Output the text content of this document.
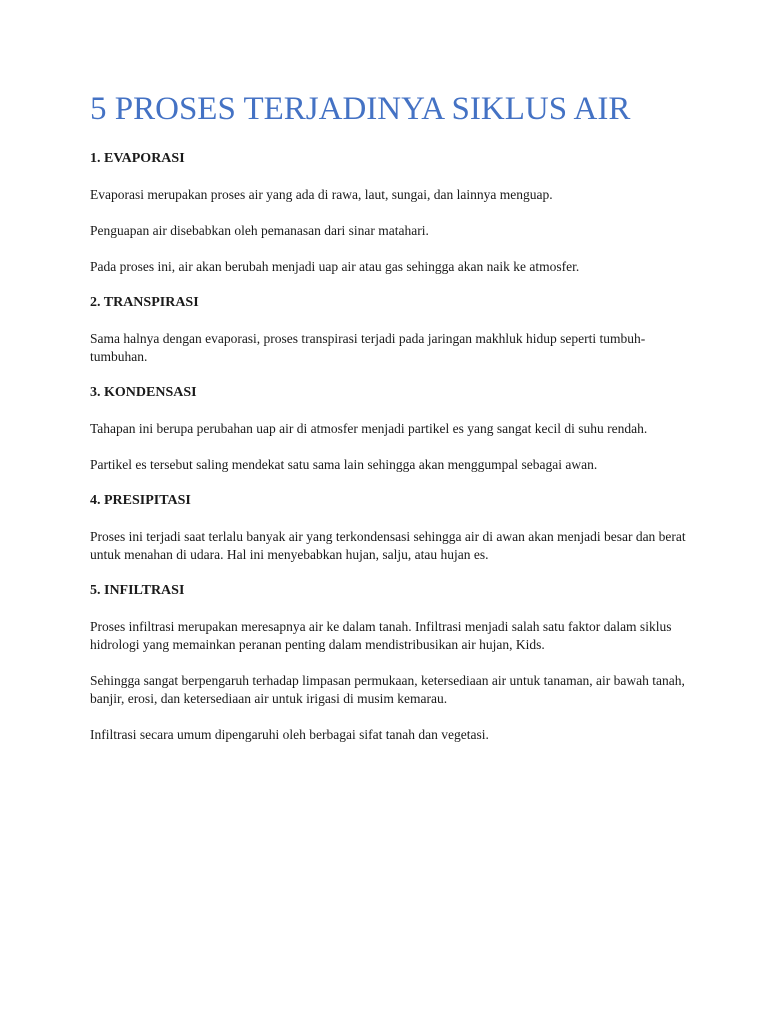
5 PROSES TERJADINYA SIKLUS AIR
1. EVAPORASI

Evaporasi merupakan proses air yang ada di rawa, laut, sungai, dan lainnya menguap.

Penguapan air disebabkan oleh pemanasan dari sinar matahari.

Pada proses ini, air akan berubah menjadi uap air atau gas sehingga akan naik ke atmosfer.

2. TRANSPIRASI

Sama halnya dengan evaporasi, proses transpirasi terjadi pada jaringan makhluk hidup seperti tumbuh-tumbuhan.

3. KONDENSASI

Tahapan ini berupa perubahan uap air di atmosfer menjadi partikel es yang sangat kecil di suhu rendah.

Partikel es tersebut saling mendekat satu sama lain sehingga akan menggumpal sebagai awan.

4. PRESIPITASI

Proses ini terjadi saat terlalu banyak air yang terkondensasi sehingga air di awan akan menjadi besar dan berat untuk menahan di udara. Hal ini menyebabkan hujan, salju, atau hujan es.

5. INFILTRASI

Proses infiltrasi merupakan meresapnya air ke dalam tanah. Infiltrasi menjadi salah satu faktor dalam siklus hidrologi yang memainkan peranan penting dalam mendistribusikan air hujan, Kids.

Sehingga sangat berpengaruh terhadap limpasan permukaan, ketersediaan air untuk tanaman, air bawah tanah, banjir, erosi, dan ketersediaan air untuk irigasi di musim kemarau.

Infiltrasi secara umum dipengaruhi oleh berbagai sifat tanah dan vegetasi.
